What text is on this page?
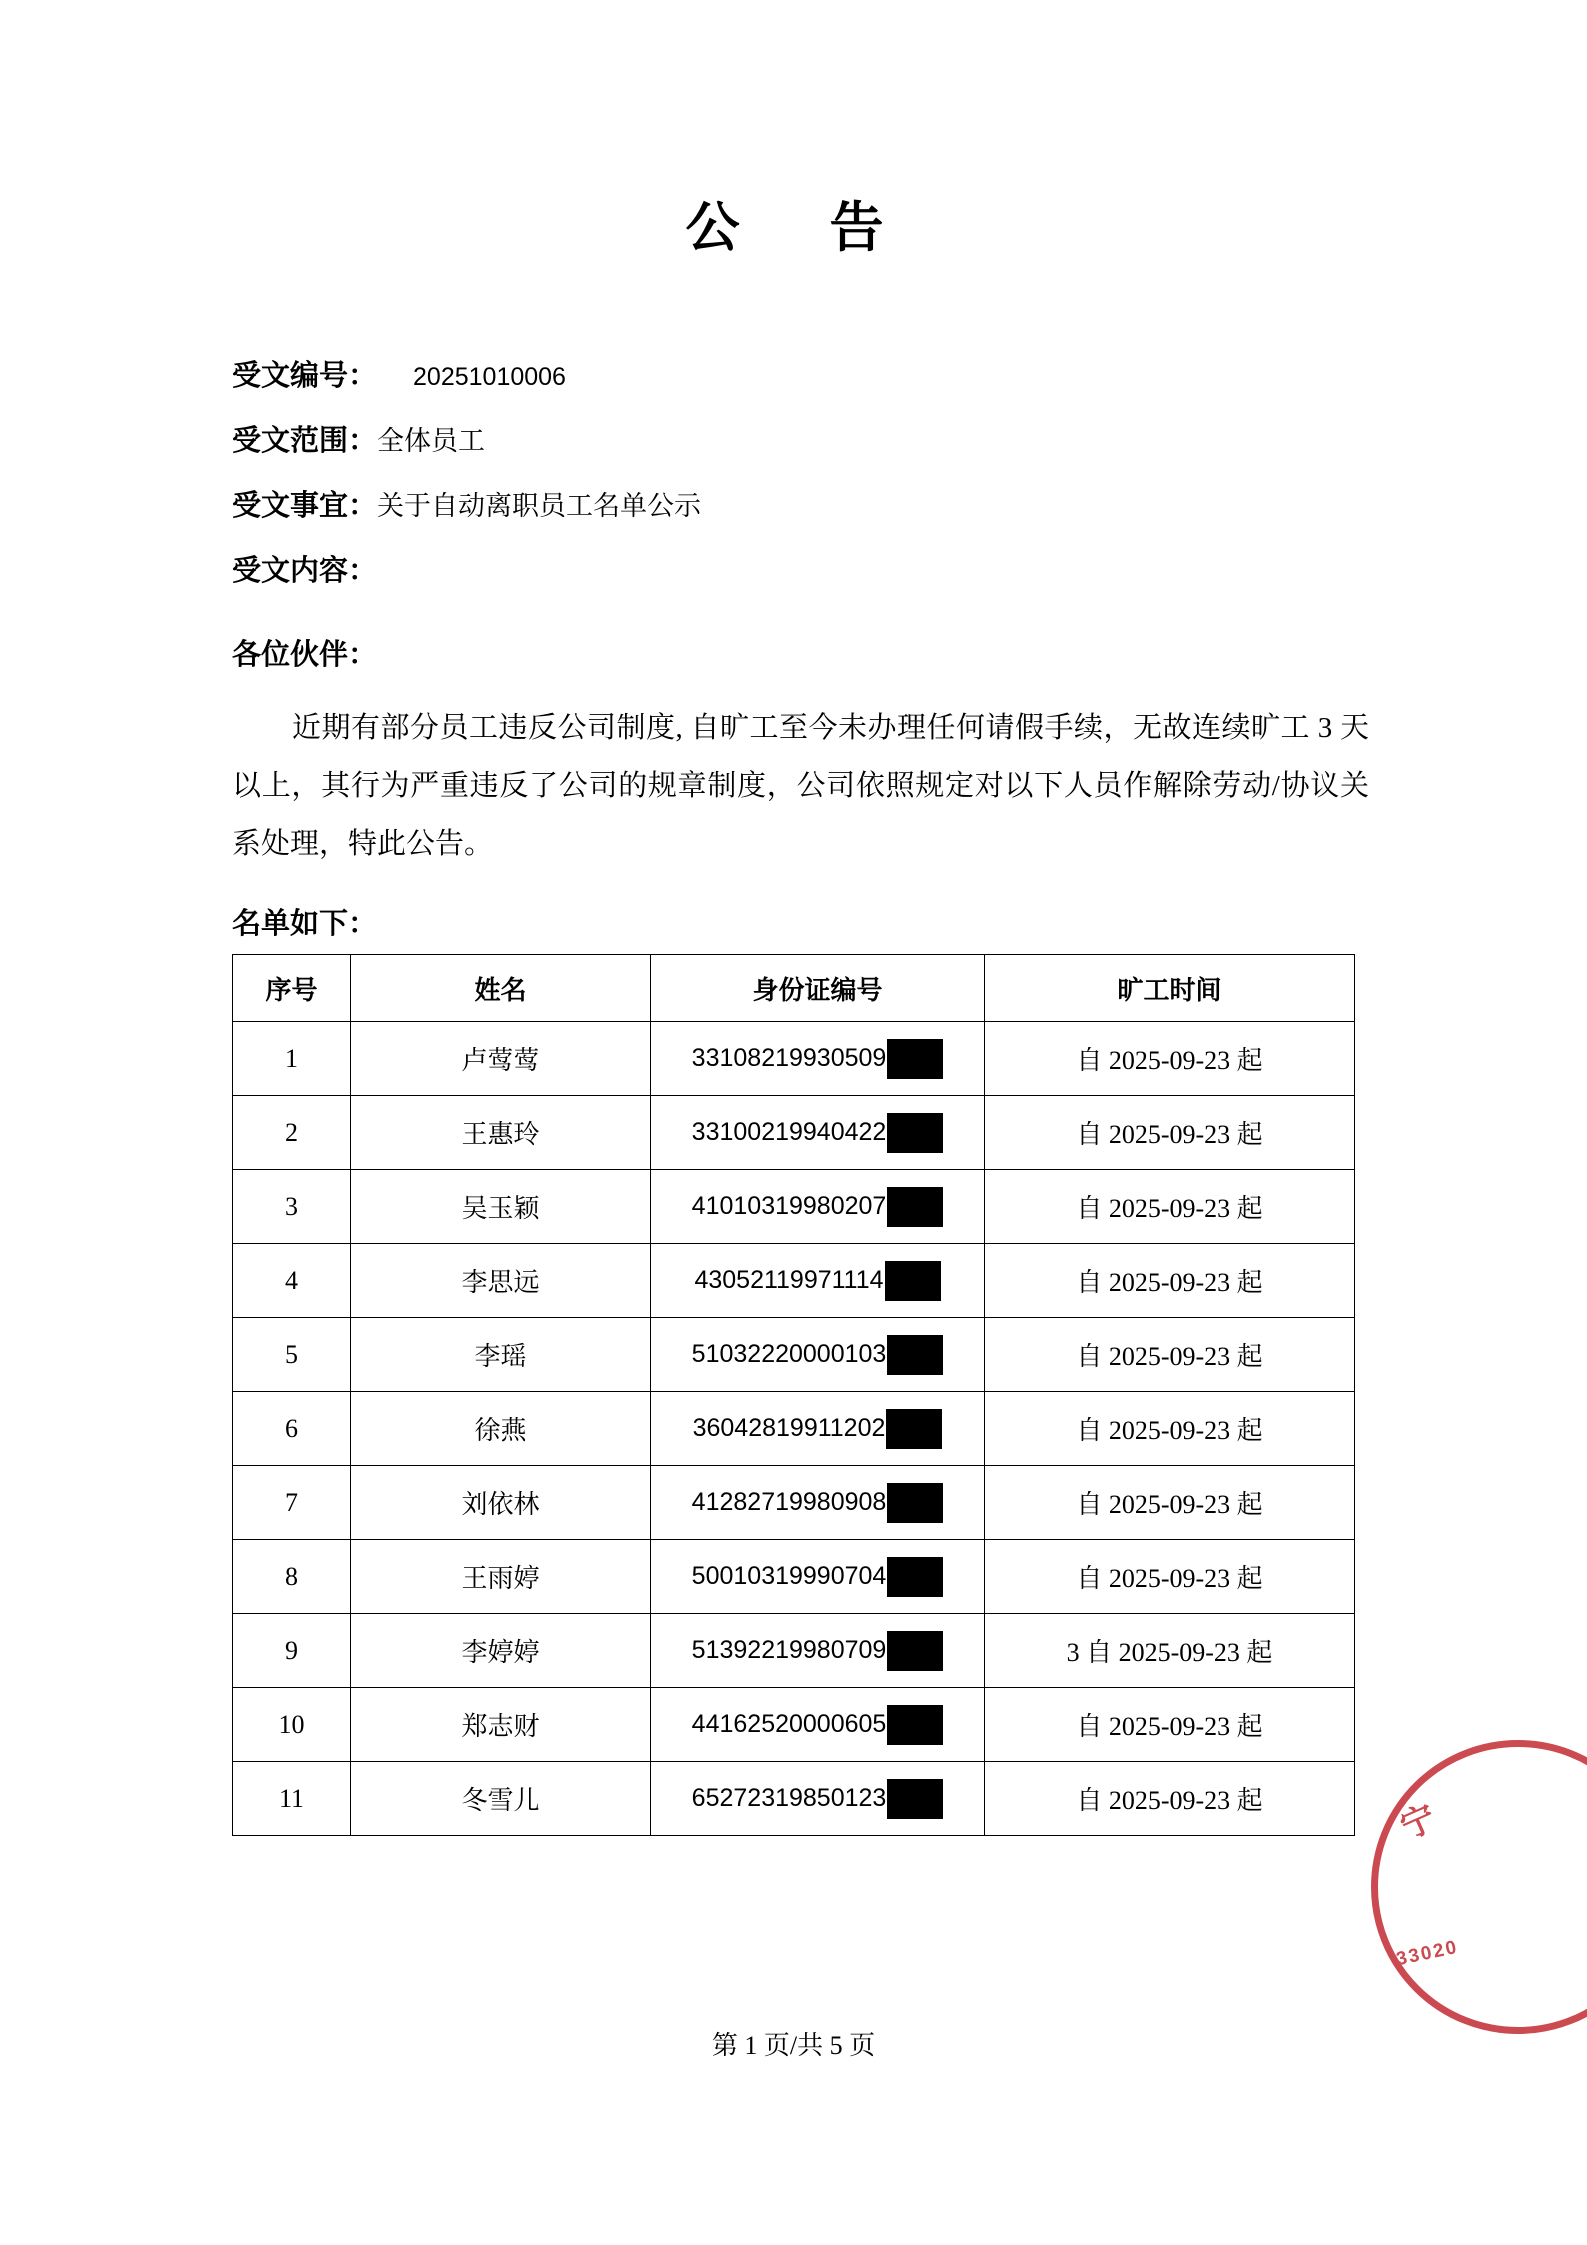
公　告
受文编号： 20251010006
受文范围：全体员工
受文事宜：关于自动离职员工名单公示
受文内容：
各位伙伴：
近期有部分员工违反公司制度, 自旷工至今未办理任何请假手续，无故连续旷工 3 天以上，其行为严重违反了公司的规章制度，公司依照规定对以下人员作解除劳动/协议关系处理，特此公告。
名单如下：
序号	姓名	身份证编号	旷工时间
1	卢莺莺	33108219930509	自 2025-09-23 起
2	王惠玲	33100219940422	自 2025-09-23 起
3	吴玉颖	41010319980207	自 2025-09-23 起
4	李思远	43052119971114	自 2025-09-23 起
5	李瑶	51032220000103	自 2025-09-23 起
6	徐燕	36042819911202	自 2025-09-23 起
7	刘依林	41282719980908	自 2025-09-23 起
8	王雨婷	50010319990704	自 2025-09-23 起
9	李婷婷	51392219980709	3 自 2025-09-23 起
10	郑志财	44162520000605	自 2025-09-23 起
11	冬雪儿	65272319850123	自 2025-09-23 起
第 1 页/共 5 页
宁
33020
